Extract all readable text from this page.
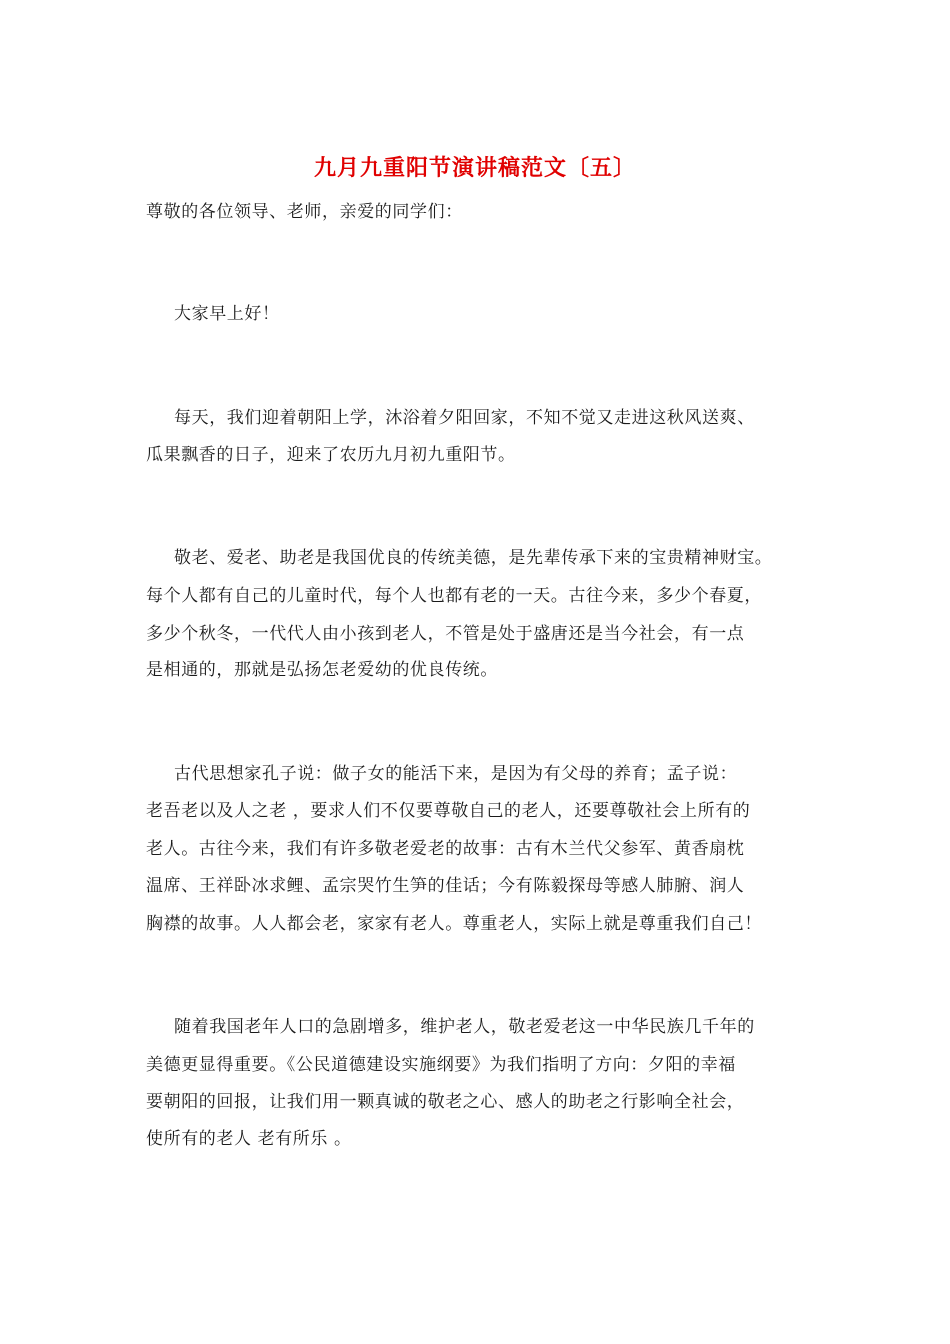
九月九重阳节演讲稿范文〔五〕
尊敬的各位领导、老师，亲爱的同学们：
大家早上好！
每天，我们迎着朝阳上学，沐浴着夕阳回家，不知不觉又走进这秋风送爽、
瓜果飘香的日子，迎来了农历九月初九重阳节。
敬老、爱老、助老是我国优良的传统美德，是先辈传承下来的宝贵精神财宝。
每个人都有自己的儿童时代，每个人也都有老的一天。古往今来，多少个春夏，
多少个秋冬，一代代人由小孩到老人，不管是处于盛唐还是当今社会，有一点
是相通的，那就是弘扬怎老爱幼的优良传统。
古代思想家孔子说：做子女的能活下来，是因为有父母的养育；孟子说：
老吾老以及人之老 ，要求人们不仅要尊敬自己的老人，还要尊敬社会上所有的
老人。古往今来，我们有许多敬老爱老的故事：古有木兰代父参军、黄香扇枕
温席、王祥卧冰求鲤、孟宗哭竹生笋的佳话；今有陈毅探母等感人肺腑、润人
胸襟的故事。人人都会老，家家有老人。尊重老人，实际上就是尊重我们自己！
随着我国老年人口的急剧增多，维护老人，敬老爱老这一中华民族几千年的
美德更显得重要。《公民道德建设实施纲要》为我们指明了方向：夕阳的幸福
要朝阳的回报，让我们用一颗真诚的敬老之心、感人的助老之行影响全社会，
使所有的老人 老有所乐 。
